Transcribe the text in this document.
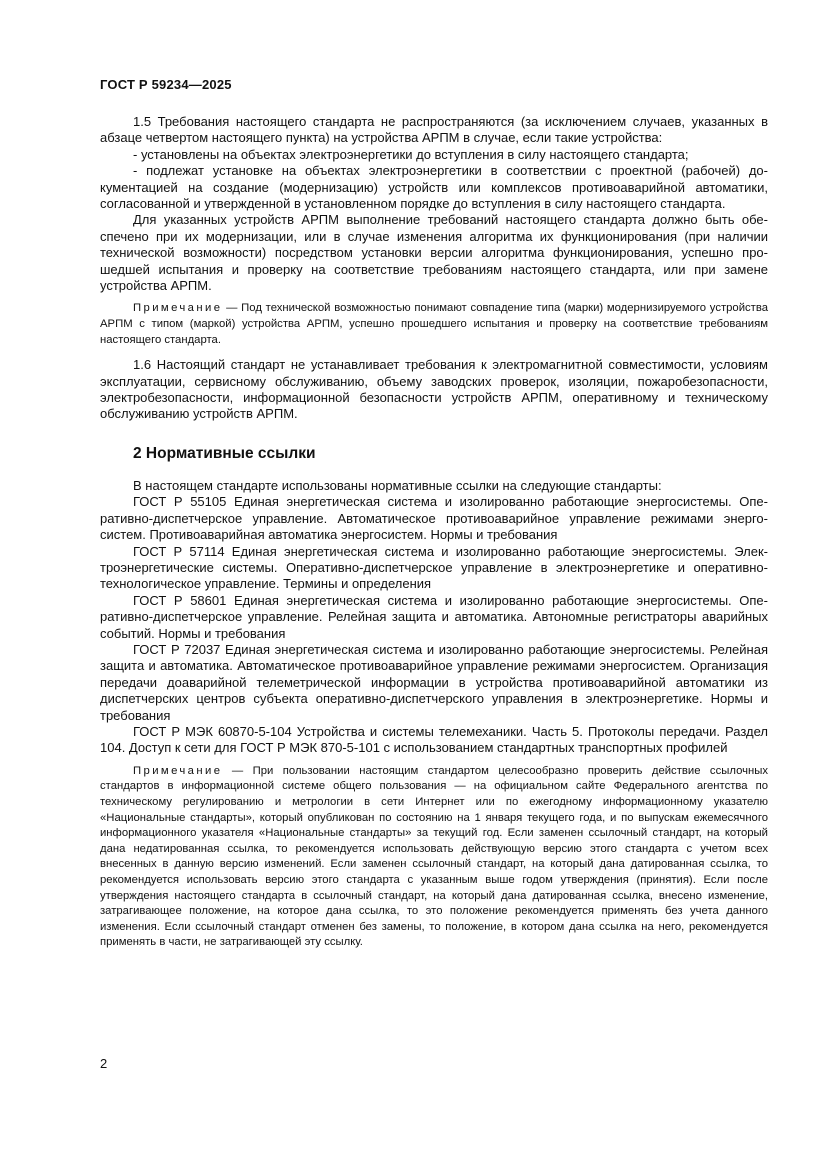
ГОСТ Р 59234—2025

1.5 Требования настоящего стандарта не распространяются (за исключением случаев, указанных в абзаце четвертом настоящего пункта) на устройства АРПМ в случае, если такие устройства:

- установлены на объектах электроэнергетики до вступления в силу настоящего стандарта;

- подлежат установке на объектах электроэнергетики в соответствии с проектной (рабочей) документацией на создание (модернизацию) устройств или комплексов противоаварийной автоматики, согласованной и утвержденной в установленном порядке до вступления в силу настоящего стандарта.

Для указанных устройств АРПМ выполнение требований настоящего стандарта должно быть обеспечено при их модернизации, или в случае изменения алгоритма их функционирования (при наличии технической возможности) посредством установки версии алгоритма функционирования, успешно прошедшей испытания и проверку на соответствие требованиям настоящего стандарта, или при замене устройства АРПМ.

Примечание — Под технической возможностью понимают совпадение типа (марки) модернизируемого устройства АРПМ с типом (маркой) устройства АРПМ, успешно прошедшего испытания и проверку на соответствие требованиям настоящего стандарта.

1.6 Настоящий стандарт не устанавливает требования к электромагнитной совместимости, условиям эксплуатации, сервисному обслуживанию, объему заводских проверок, изоляции, пожаробезопасности, электробезопасности, информационной безопасности устройств АРПМ, оперативному и техническому обслуживанию устройств АРПМ.

2 Нормативные ссылки

В настоящем стандарте использованы нормативные ссылки на следующие стандарты:

ГОСТ Р 55105 Единая энергетическая система и изолированно работающие энергосистемы. Оперативно-диспетчерское управление. Автоматическое противоаварийное управление режимами энергосистем. Противоаварийная автоматика энергосистем. Нормы и требования

ГОСТ Р 57114 Единая энергетическая система и изолированно работающие энергосистемы. Электроэнергетические системы. Оперативно-диспетчерское управление в электроэнергетике и оперативно-технологическое управление. Термины и определения

ГОСТ Р 58601 Единая энергетическая система и изолированно работающие энергосистемы. Оперативно-диспетчерское управление. Релейная защита и автоматика. Автономные регистраторы аварийных событий. Нормы и требования

ГОСТ Р 72037 Единая энергетическая система и изолированно работающие энергосистемы. Релейная защита и автоматика. Автоматическое противоаварийное управление режимами энергосистем. Организация передачи доаварийной телеметрической информации в устройства противоаварийной автоматики из диспетчерских центров субъекта оперативно-диспетчерского управления в электроэнергетике. Нормы и требования

ГОСТ Р МЭК 60870-5-104 Устройства и системы телемеханики. Часть 5. Протоколы передачи. Раздел 104. Доступ к сети для ГОСТ Р МЭК 870-5-101 с использованием стандартных транспортных профилей

Примечание — При пользовании настоящим стандартом целесообразно проверить действие ссылочных стандартов в информационной системе общего пользования — на официальном сайте Федерального агентства по техническому регулированию и метрологии в сети Интернет или по ежегодному информационному указателю «Национальные стандарты», который опубликован по состоянию на 1 января текущего года, и по выпускам ежемесячного информационного указателя «Национальные стандарты» за текущий год. Если заменен ссылочный стандарт, на который дана недатированная ссылка, то рекомендуется использовать действующую версию этого стандарта с учетом всех внесенных в данную версию изменений. Если заменен ссылочный стандарт, на который дана датированная ссылка, то рекомендуется использовать версию этого стандарта с указанным выше годом утверждения (принятия). Если после утверждения настоящего стандарта в ссылочный стандарт, на который дана датированная ссылка, внесено изменение, затрагивающее положение, на которое дана ссылка, то это положение рекомендуется применять без учета данного изменения. Если ссылочный стандарт отменен без замены, то положение, в котором дана ссылка на него, рекомендуется применять в части, не затрагивающей эту ссылку.

2
